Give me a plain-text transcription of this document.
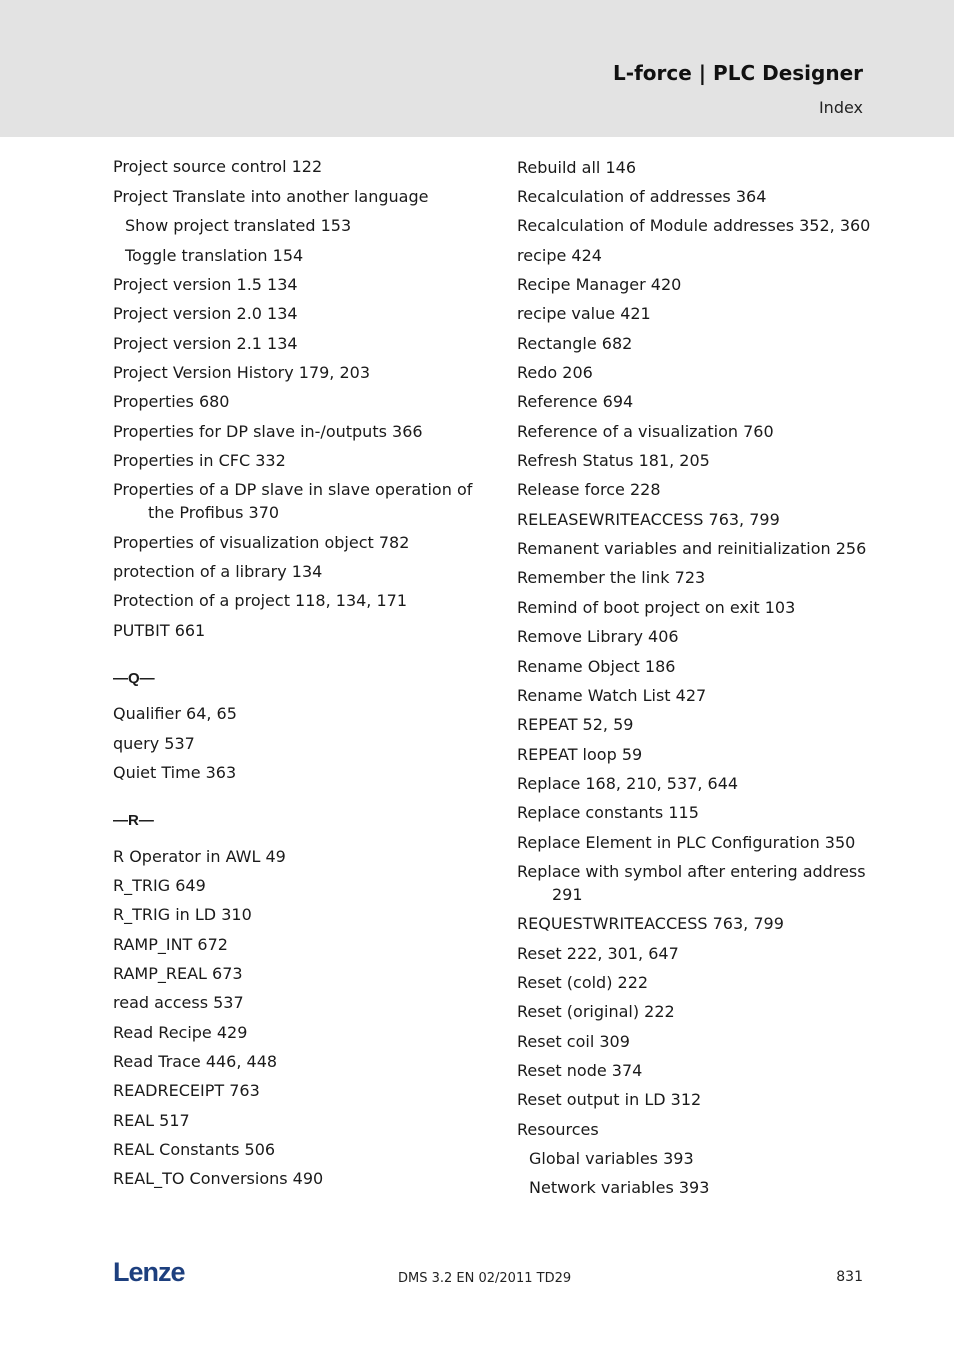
L-force | PLC Designer
Index
Project source control 122
Project Translate into another language
Show project translated 153
Toggle translation 154
Project version 1.5 134
Project version 2.0 134
Project version 2.1 134
Project Version History 179, 203
Properties 680
Properties for DP slave in-/outputs 366
Properties in CFC 332
Properties of a DP slave in slave operation of
the Profibus 370
Properties of visualization object 782
protection of a library 134
Protection of a project 118, 134, 171
PUTBIT 661
—Q—
Qualifier 64, 65
query 537
Quiet Time 363
—R—
R Operator in AWL 49
R_TRIG 649
R_TRIG in LD 310
RAMP_INT 672
RAMP_REAL 673
read access 537
Read Recipe 429
Read Trace 446, 448
READRECEIPT 763
REAL 517
REAL Constants 506
REAL_TO Conversions 490
Rebuild all 146
Recalculation of addresses 364
Recalculation of Module addresses 352, 360
recipe 424
Recipe Manager 420
recipe value 421
Rectangle 682
Redo 206
Reference 694
Reference of a visualization 760
Refresh Status 181, 205
Release force 228
RELEASEWRITEACCESS 763, 799
Remanent variables and reinitialization 256
Remember the link 723
Remind of boot project on exit 103
Remove Library 406
Rename Object 186
Rename Watch List 427
REPEAT 52, 59
REPEAT loop 59
Replace 168, 210, 537, 644
Replace constants 115
Replace Element in PLC Configuration 350
Replace with symbol after entering address
291
REQUESTWRITEACCESS 763, 799
Reset 222, 301, 647
Reset (cold) 222
Reset (original) 222
Reset coil 309
Reset node 374
Reset output in LD 312
Resources
Global variables 393
Network variables 393
Lenze	DMS 3.2 EN 02/2011 TD29	831
